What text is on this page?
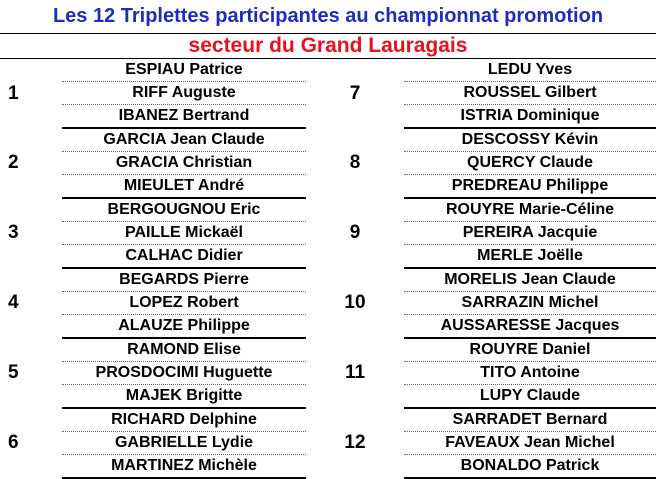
Les 12 Triplettes participantes au championnat promotion
secteur du Grand Lauragais
1	ESPIAU Patrice	7	LEDU Yves
	RIFF Auguste		ROUSSEL Gilbert
	IBANEZ Bertrand		ISTRIA Dominique
2	GARCIA Jean Claude	8	DESCOSSY Kévin
	GRACIA Christian		QUERCY Claude
	MIEULET André		PREDREAU Philippe
3	BERGOUGNOU Eric	9	ROUYRE Marie-Céline
	PAILLE Mickaël		PEREIRA Jacquie
	CALHAC Didier		MERLE Joëlle
4	BEGARDS Pierre	10	MORELIS Jean Claude
	LOPEZ Robert		SARRAZIN Michel
	ALAUZE Philippe		AUSSARESSE Jacques
5	RAMOND Elise	11	ROUYRE Daniel
	PROSDOCIMI Huguette		TITO Antoine
	MAJEK Brigitte		LUPY Claude
6	RICHARD Delphine	12	SARRADET Bernard
	GABRIELLE Lydie		FAVEAUX Jean Michel
	MARTINEZ Michèle		BONALDO Patrick
